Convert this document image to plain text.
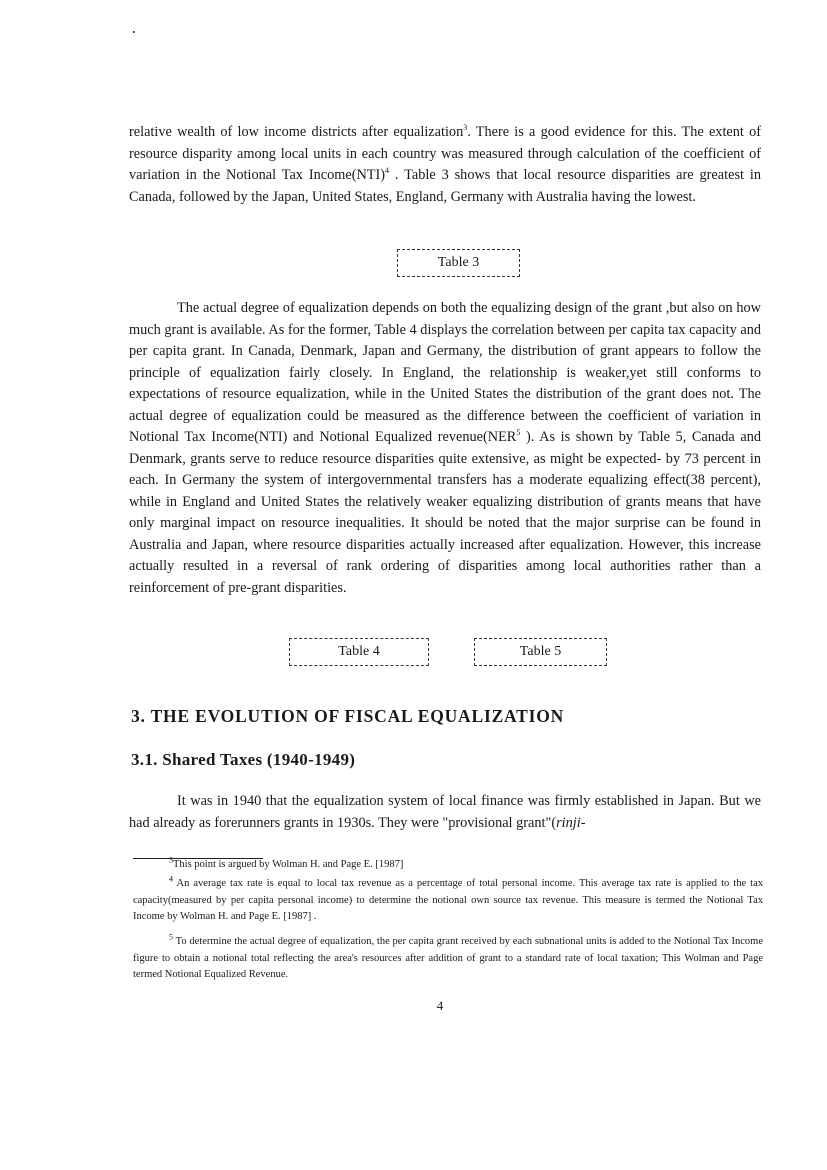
relative wealth of low income districts after equalization$^3$. There is a good evidence for this. The extent of resource disparity among local units in each country was measured through calculation of the coefficient of variation in the Notional Tax Income(NTI)$^4$ . Table 3 shows that local resource disparities are greatest in Canada, followed by the Japan, United States, England, Germany with Australia having the lowest.

Table 3

The actual degree of equalization depends on both the equalizing design of the grant ,but also on how much grant is available. As for the former, Table 4 displays the correlation between per capita tax capacity and per capita grant. In Canada, Denmark, Japan and Germany, the distribution of grant appears to follow the principle of equalization fairly closely. In England, the relationship is weaker,yet still conforms to expectations of resource equalization, while in the United States the distribution of the grant does not. The actual degree of equalization could be measured as the difference between the coefficient of variation in Notional Tax Income(NTI) and Notional Equalized revenue(NER$^5$ ). As is shown by Table 5, Canada and Denmark, grants serve to reduce resource disparities quite extensive, as might be expected- by 73 percent in each. In Germany the system of intergovernmental transfers has a moderate equalizing effect(38 percent), while in England and United States the relatively weaker equalizing distribution of grants means that have only marginal impact on resource inequalities. It should be noted that the major surprise can be found in Australia and Japan, where resource disparities actually increased after equalization. However, this increase actually resulted in a reversal of rank ordering of disparities among local authorities rather than a reinforcement of pre-grant disparities.

Table 4	Table 5
3. THE EVOLUTION OF FISCAL EQUALIZATION
3.1. Shared Taxes (1940-1949)

It was in 1940 that the equalization system of local finance was firmly established in Japan. But we had already as forerunners grants in 1930s. They were "provisional grant"(rinji-

$^3$This point is argued by Wolman H. and Page E. [1987]

$^4$ An average tax rate is equal to local tax revenue as a percentage of total personal income. This average tax rate is applied to the tax capacity(measured by per capita personal income) to determine the notional own source tax revenue. This measure is termed the Notional Tax Income by Wolman H. and Page E. [1987] .

$^5$ To determine the actual degree of equalization, the per capita grant received by each subnational units is added to the Notional Tax Income figure to obtain a notional total reflecting the area's resources after addition of grant to a standard rate of local taxation; This Wolman and Page termed Notional Equalized Revenue.

4
